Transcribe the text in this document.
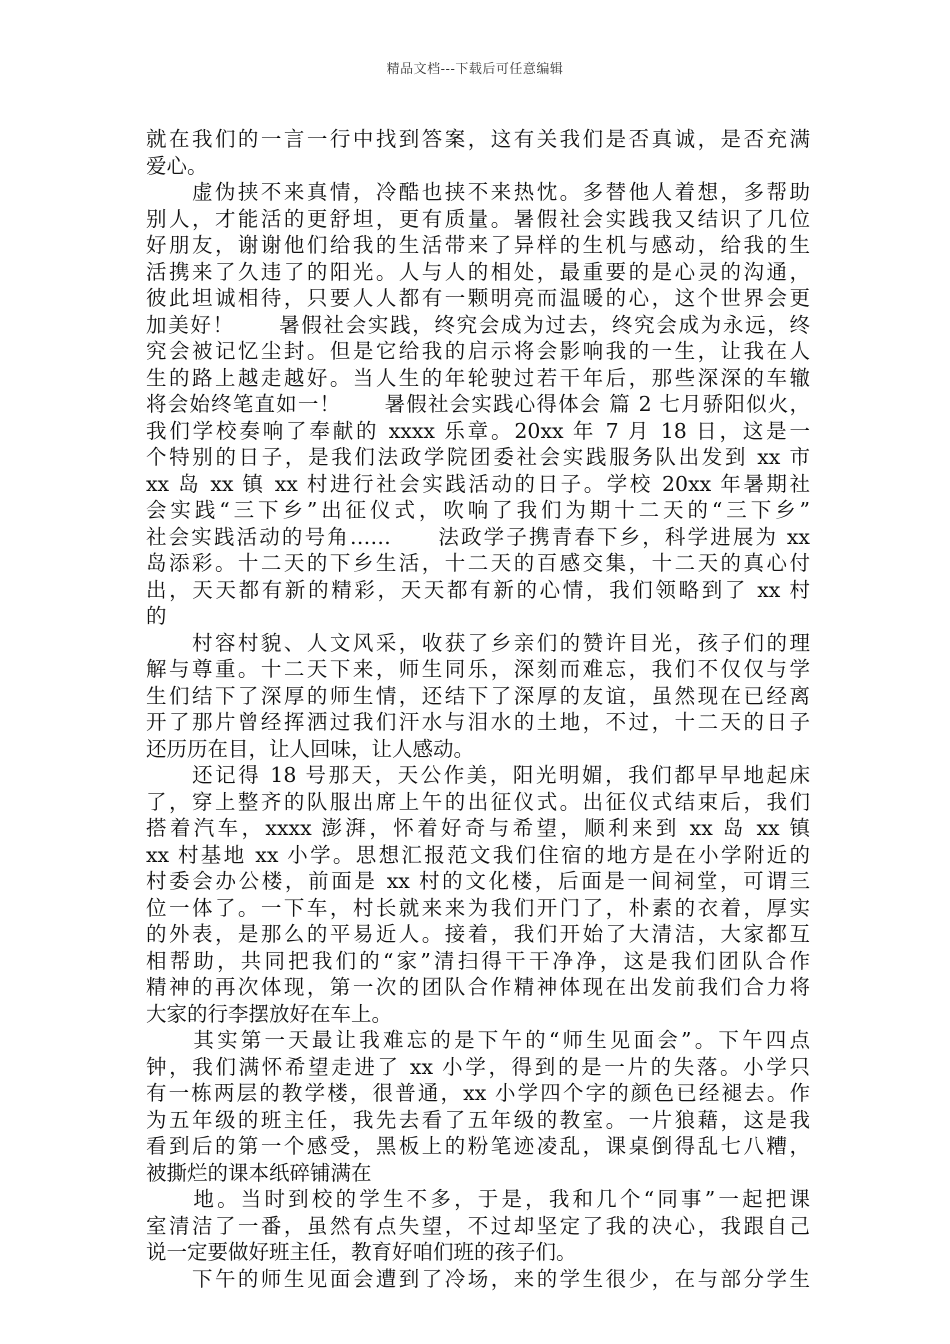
精品文档---下载后可任意编辑
就在我们的一言一行中找到答案，这有关我们是否真诚，是否充满
爱心。
　　虚伪挟不来真情，冷酷也挟不来热忱。多替他人着想，多帮助
别人，才能活的更舒坦，更有质量。暑假社会实践我又结识了几位
好朋友，谢谢他们给我的生活带来了异样的生机与感动，给我的生
活携来了久违了的阳光。人与人的相处，最重要的是心灵的沟通，
彼此坦诚相待，只要人人都有一颗明亮而温暖的心，这个世界会更
加美好！　　暑假社会实践，终究会成为过去，终究会成为永远，终
究会被记忆尘封。但是它给我的启示将会影响我的一生，让我在人
生的路上越走越好。当人生的年轮驶过若干年后，那些深深的车辙
将会始终笔直如一！　　暑假社会实践心得体会 篇 2 七月骄阳似火，
我们学校奏响了奉献的 xxxx 乐章。20xx 年 7 月 18 日，这是一
个特别的日子，是我们法政学院团委社会实践服务队出发到 xx 市
xx 岛 xx 镇 xx 村进行社会实践活动的日子。学校 20xx 年暑期社
会实践“三下乡”出征仪式，吹响了我们为期十二天的“三下乡”
社会实践活动的号角……　　法政学子携青春下乡，科学进展为 xx
岛添彩。十二天的下乡生活，十二天的百感交集，十二天的真心付
出，天天都有新的精彩，天天都有新的心情，我们领略到了 xx 村
的
　　村容村貌、人文风采，收获了乡亲们的赞许目光，孩子们的理
解与尊重。十二天下来，师生同乐，深刻而难忘，我们不仅仅与学
生们结下了深厚的师生情，还结下了深厚的友谊，虽然现在已经离
开了那片曾经挥洒过我们汗水与泪水的土地，不过，十二天的日子
还历历在目，让人回味，让人感动。
　　还记得 18 号那天，天公作美，阳光明媚，我们都早早地起床
了，穿上整齐的队服出席上午的出征仪式。出征仪式结束后，我们
搭着汽车，xxxx 澎湃，怀着好奇与希望，顺利来到 xx 岛 xx 镇
xx 村基地 xx 小学。思想汇报范文我们住宿的地方是在小学附近的
村委会办公楼，前面是 xx 村的文化楼，后面是一间祠堂，可谓三
位一体了。一下车，村长就来来为我们开门了，朴素的衣着，厚实
的外表，是那么的平易近人。接着，我们开始了大清洁，大家都互
相帮助，共同把我们的“家”清扫得干干净净，这是我们团队合作
精神的再次体现，第一次的团队合作精神体现在出发前我们合力将
大家的行李摆放好在车上。
　　其实第一天最让我难忘的是下午的“师生见面会”。下午四点
钟，我们满怀希望走进了 xx 小学，得到的是一片的失落。小学只
有一栋两层的教学楼，很普通，xx 小学四个字的颜色已经褪去。作
为五年级的班主任，我先去看了五年级的教室。一片狼藉，这是我
看到后的第一个感受，黑板上的粉笔迹凌乱，课桌倒得乱七八糟，
被撕烂的课本纸碎铺满在
　　地。当时到校的学生不多，于是，我和几个“同事”一起把课
室清洁了一番，虽然有点失望，不过却坚定了我的决心，我跟自己
说一定要做好班主任，教育好咱们班的孩子们。
　　下午的师生见面会遭到了冷场，来的学生很少，在与部分学生
